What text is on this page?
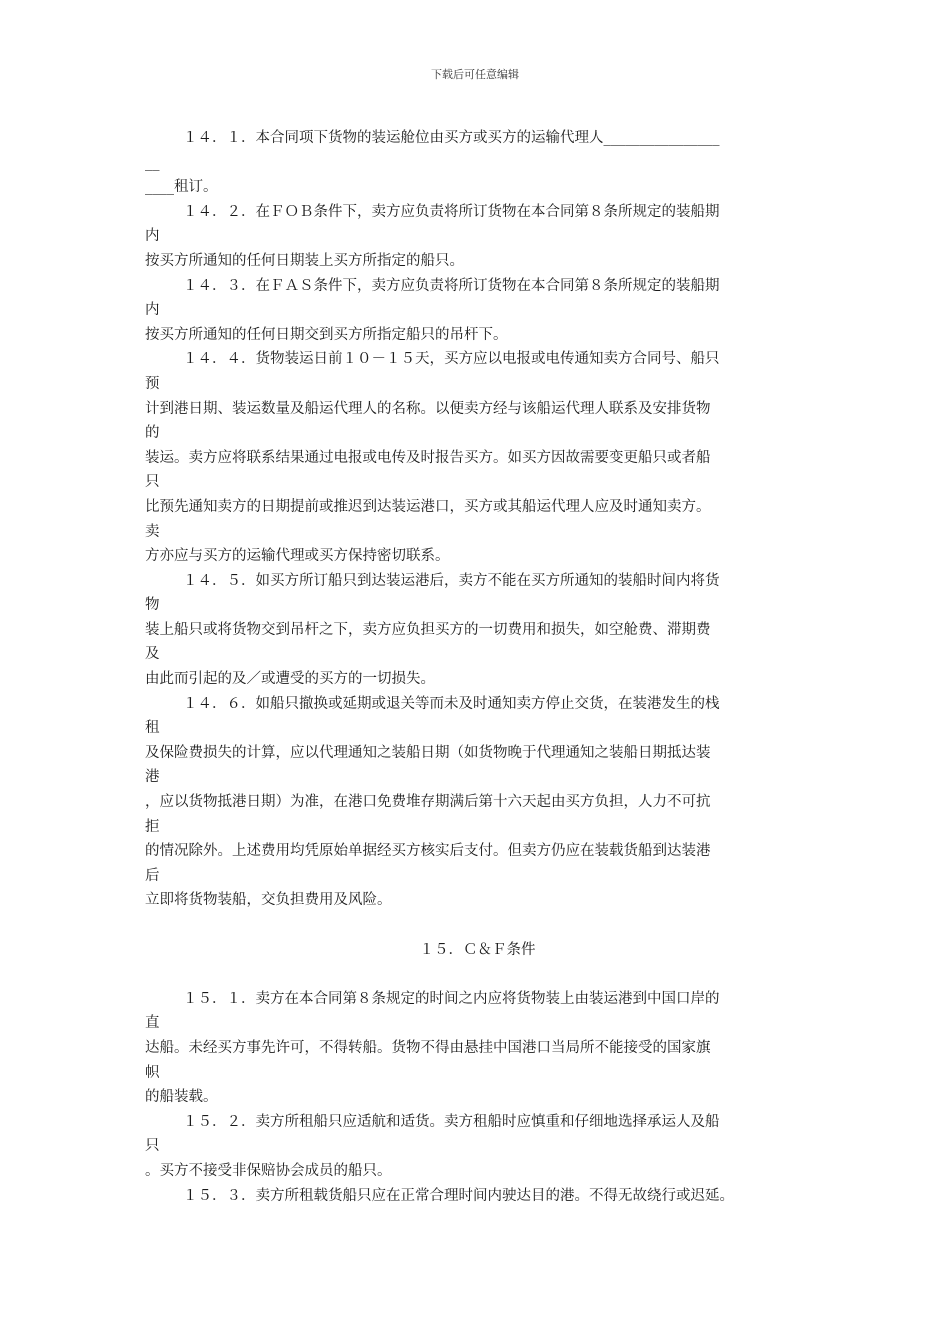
下载后可任意编辑
１４．１．本合同项下货物的装运舱位由买方或买方的运输代理人________________
__
____租订。
１４．２．在ＦＯＢ条件下，卖方应负责将所订货物在本合同第８条所规定的装船期
内
按买方所通知的任何日期装上买方所指定的船只。
１４．３．在ＦＡＳ条件下，卖方应负责将所订货物在本合同第８条所规定的装船期
内
按买方所通知的任何日期交到买方所指定船只的吊杆下。
１４．４．货物装运日前１０－１５天，买方应以电报或电传通知卖方合同号、船只
预
计到港日期、装运数量及船运代理人的名称。以便卖方经与该船运代理人联系及安排货物
的
装运。卖方应将联系结果通过电报或电传及时报告买方。如买方因故需要变更船只或者船
只
比预先通知卖方的日期提前或推迟到达装运港口，买方或其船运代理人应及时通知卖方。
卖
方亦应与买方的运输代理或买方保持密切联系。
１４．５．如买方所订船只到达装运港后，卖方不能在买方所通知的装船时间内将货
物
装上船只或将货物交到吊杆之下，卖方应负担买方的一切费用和损失，如空舱费、滞期费
及
由此而引起的及／或遭受的买方的一切损失。
１４．６．如船只撤换或延期或退关等而未及时通知卖方停止交货，在装港发生的栈
租
及保险费损失的计算，应以代理通知之装船日期（如货物晚于代理通知之装船日期抵达装
港
，应以货物抵港日期）为准，在港口免费堆存期满后第十六天起由买方负担，人力不可抗
拒
的情况除外。上述费用均凭原始单据经买方核实后支付。但卖方仍应在装载货船到达装港
后
立即将货物装船，交负担费用及风险。
１５．Ｃ＆Ｆ条件
１５．１．卖方在本合同第８条规定的时间之内应将货物装上由装运港到中国口岸的
直
达船。未经买方事先许可，不得转船。货物不得由悬挂中国港口当局所不能接受的国家旗
帜
的船装载。
１５．２．卖方所租船只应适航和适货。卖方租船时应慎重和仔细地选择承运人及船
只
。买方不接受非保赔协会成员的船只。
１５．３．卖方所租载货船只应在正常合理时间内驶达目的港。不得无故绕行或迟延。
